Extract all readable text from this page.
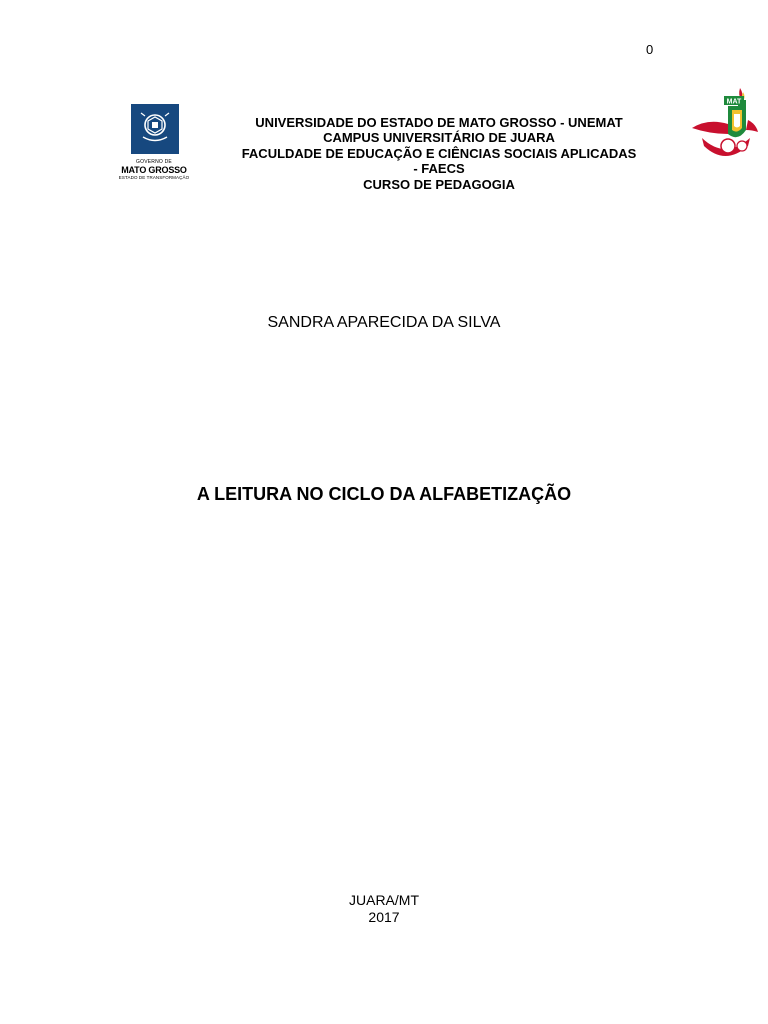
0
GOVERNO DE
MATO GROSSO
ESTADO DE TRANSFORMAÇÃO
MAT
UNIVERSIDADE DO ESTADO DE MATO GROSSO - UNEMAT
CAMPUS UNIVERSITÁRIO DE JUARA
FACULDADE DE EDUCAÇÃO E CIÊNCIAS SOCIAIS APLICADAS
- FAECS
CURSO DE PEDAGOGIA
SANDRA APARECIDA DA SILVA
A LEITURA NO CICLO DA ALFABETIZAÇÃO
JUARA/MT
2017
